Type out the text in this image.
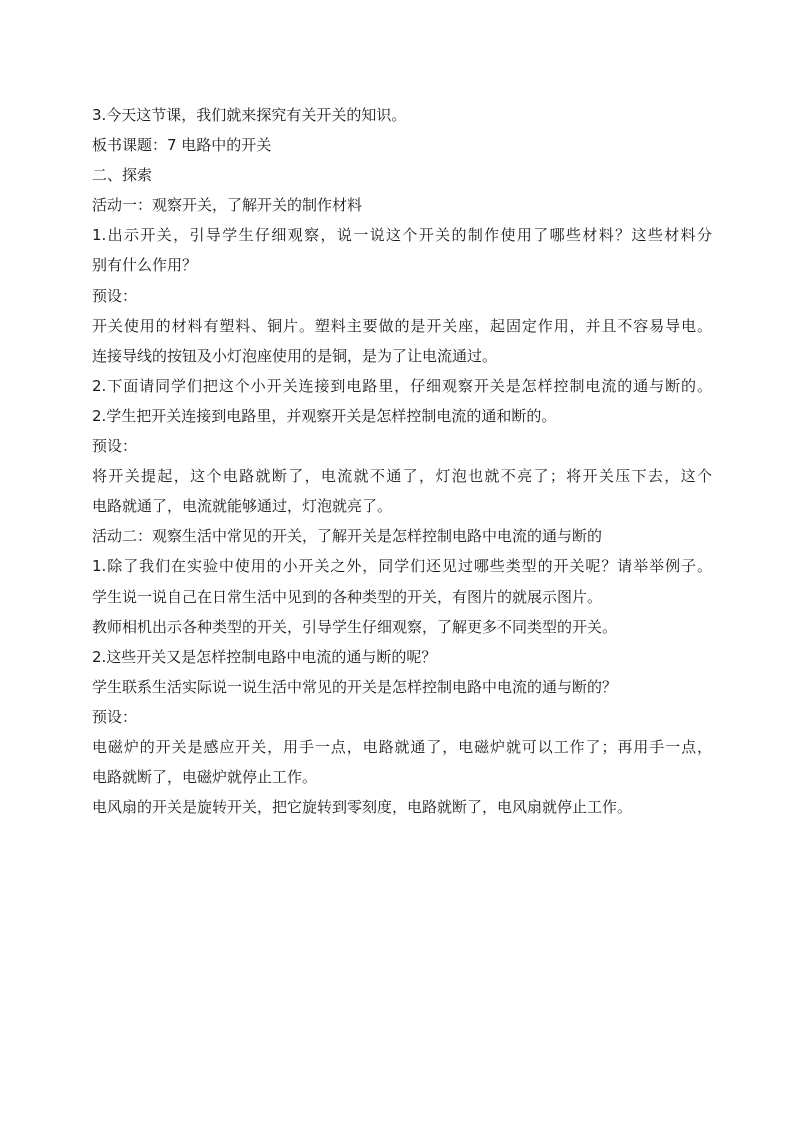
3.今天这节课，我们就来探究有关开关的知识。
板书课题：7 电路中的开关
二、探索
活动一：观察开关，了解开关的制作材料
1.出示开关，引导学生仔细观察，说一说这个开关的制作使用了哪些材料？这些材料分
别有什么作用？
预设：
开关使用的材料有塑料、铜片。塑料主要做的是开关座，起固定作用，并且不容易导电。
连接导线的按钮及小灯泡座使用的是铜，是为了让电流通过。
2.下面请同学们把这个小开关连接到电路里，仔细观察开关是怎样控制电流的通与断的。
2.学生把开关连接到电路里，并观察开关是怎样控制电流的通和断的。
预设：
将开关提起，这个电路就断了，电流就不通了，灯泡也就不亮了；将开关压下去，这个
电路就通了，电流就能够通过，灯泡就亮了。
活动二：观察生活中常见的开关，了解开关是怎样控制电路中电流的通与断的
1.除了我们在实验中使用的小开关之外，同学们还见过哪些类型的开关呢？请举举例子。
学生说一说自己在日常生活中见到的各种类型的开关，有图片的就展示图片。
教师相机出示各种类型的开关，引导学生仔细观察，了解更多不同类型的开关。
2.这些开关又是怎样控制电路中电流的通与断的呢？
学生联系生活实际说一说生活中常见的开关是怎样控制电路中电流的通与断的？
预设：
电磁炉的开关是感应开关，用手一点，电路就通了，电磁炉就可以工作了；再用手一点，
电路就断了，电磁炉就停止工作。
电风扇的开关是旋转开关，把它旋转到零刻度，电路就断了，电风扇就停止工作。
